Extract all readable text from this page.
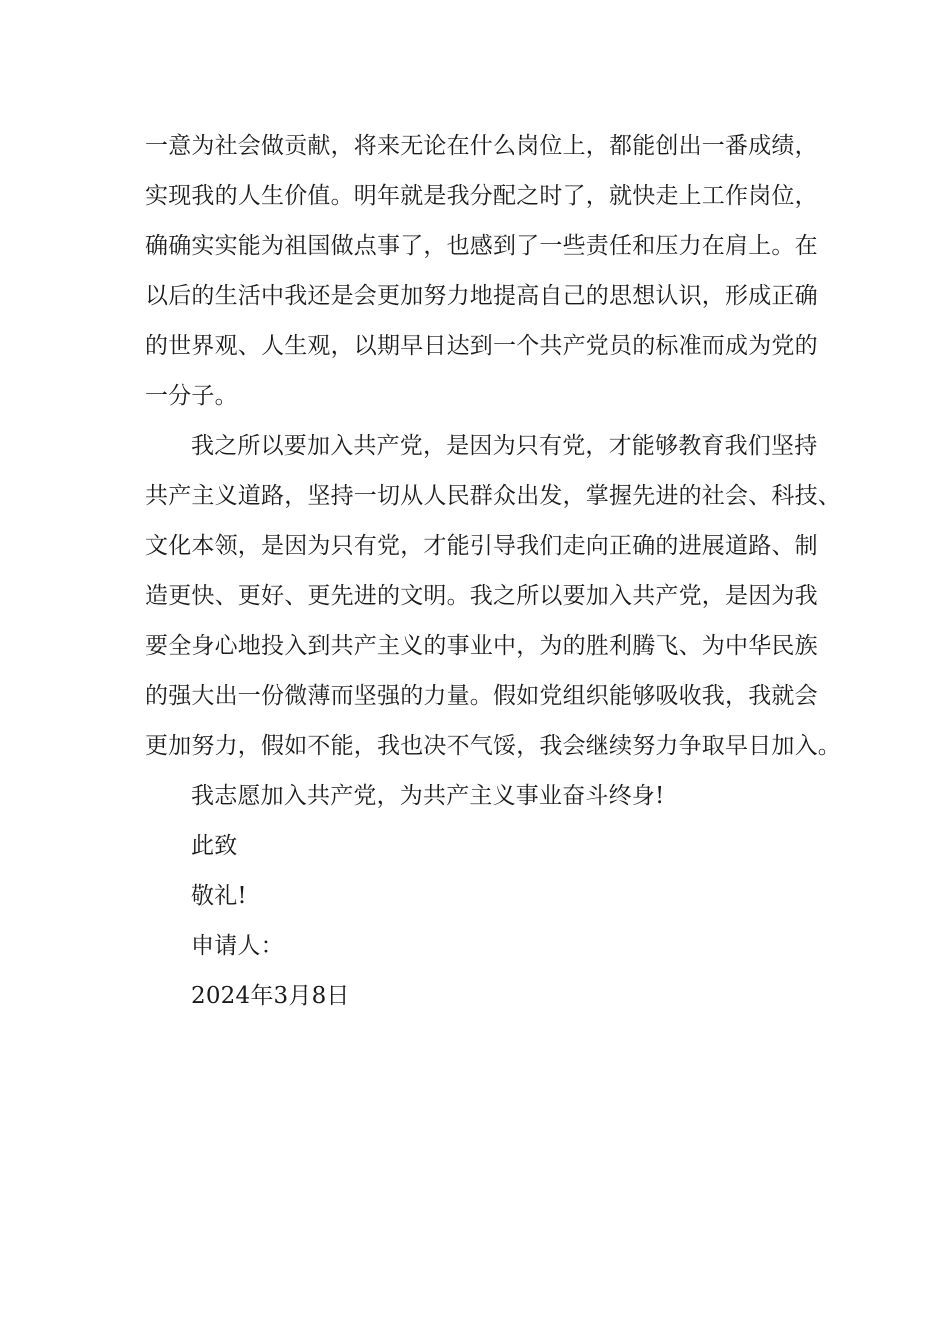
一意为社会做贡献，将来无论在什么岗位上，都能创出一番成绩，
实现我的人生价值。明年就是我分配之时了，就快走上工作岗位，
确确实实能为祖国做点事了，也感到了一些责任和压力在肩上。在
以后的生活中我还是会更加努力地提高自己的思想认识，形成正确
的世界观、人生观，以期早日达到一个共产党员的标准而成为党的
一分子。
我之所以要加入共产党，是因为只有党，才能够教育我们坚持
共产主义道路，坚持一切从人民群众出发，掌握先进的社会、科技、
文化本领，是因为只有党，才能引导我们走向正确的进展道路、制
造更快、更好、更先进的文明。我之所以要加入共产党，是因为我
要全身心地投入到共产主义的事业中，为的胜利腾飞、为中华民族
的强大出一份微薄而坚强的力量。假如党组织能够吸收我，我就会
更加努力，假如不能，我也决不气馁，我会继续努力争取早日加入。
我志愿加入共产党，为共产主义事业奋斗终身!
此致
敬礼!
申请人：
2024年3月8日
